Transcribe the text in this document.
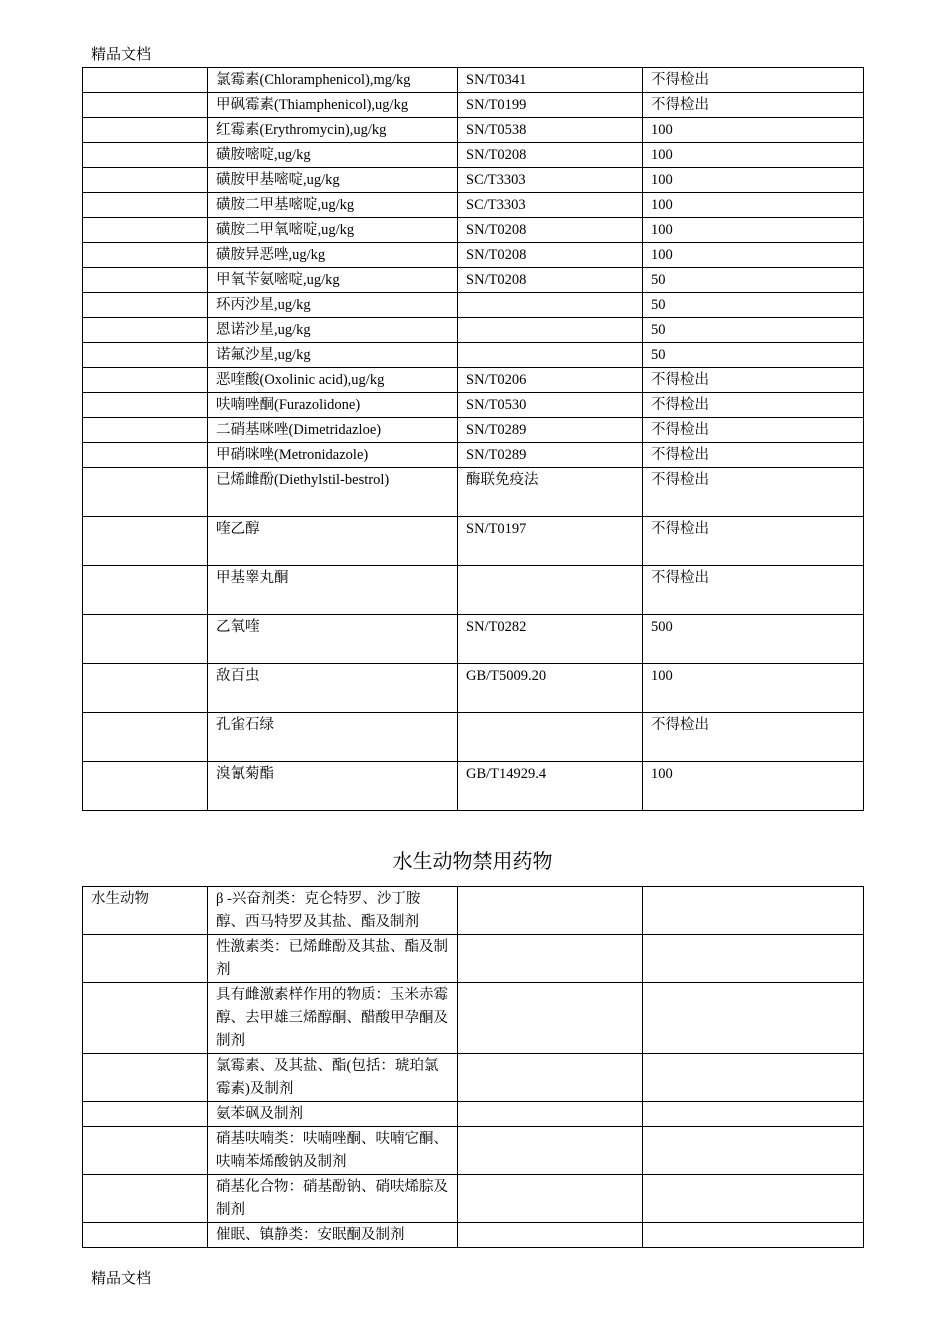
精品文档
	氯霉素(Chloramphenicol),mg/kg	SN/T0341	不得检出
	甲砜霉素(Thiamphenicol),ug/kg	SN/T0199	不得检出
	红霉素(Erythromycin),ug/kg	SN/T0538	100
	磺胺嘧啶,ug/kg	SN/T0208	100
	磺胺甲基嘧啶,ug/kg	SC/T3303	100
	磺胺二甲基嘧啶,ug/kg	SC/T3303	100
	磺胺二甲氧嘧啶,ug/kg	SN/T0208	100
	磺胺异恶唑,ug/kg	SN/T0208	100
	甲氧苄氨嘧啶,ug/kg	SN/T0208	50
	环丙沙星,ug/kg		50
	恩诺沙星,ug/kg		50
	诺氟沙星,ug/kg		50
	恶喹酸(Oxolinic acid),ug/kg	SN/T0206	不得检出
	呋喃唑酮(Furazolidone)	SN/T0530	不得检出
	二硝基咪唑(Dimetridazloe)	SN/T0289	不得检出
	甲硝咪唑(Metronidazole)	SN/T0289	不得检出
	已烯雌酚(Diethylstil-bestrol)	酶联免疫法	不得检出
	喹乙醇	SN/T0197	不得检出
	甲基睾丸酮		不得检出
	乙氧喹	SN/T0282	500
	敌百虫	GB/T5009.20	100
	孔雀石绿		不得检出
	溴氰菊酯	GB/T14929.4	100
水生动物禁用药物
水生动物	β -兴奋剂类：克仑特罗、沙丁胺醇、西马特罗及其盐、酯及制剂		
	性激素类：已烯雌酚及其盐、酯及制剂		
	具有雌激素样作用的物质：玉米赤霉醇、去甲雄三烯醇酮、醋酸甲孕酮及制剂		
	氯霉素、及其盐、酯(包括：琥珀氯霉素)及制剂		
	氨苯砜及制剂		
	硝基呋喃类：呋喃唑酮、呋喃它酮、呋喃苯烯酸钠及制剂		
	硝基化合物：硝基酚钠、硝呋烯腙及制剂		
	催眠、镇静类：安眠酮及制剂		
精品文档
